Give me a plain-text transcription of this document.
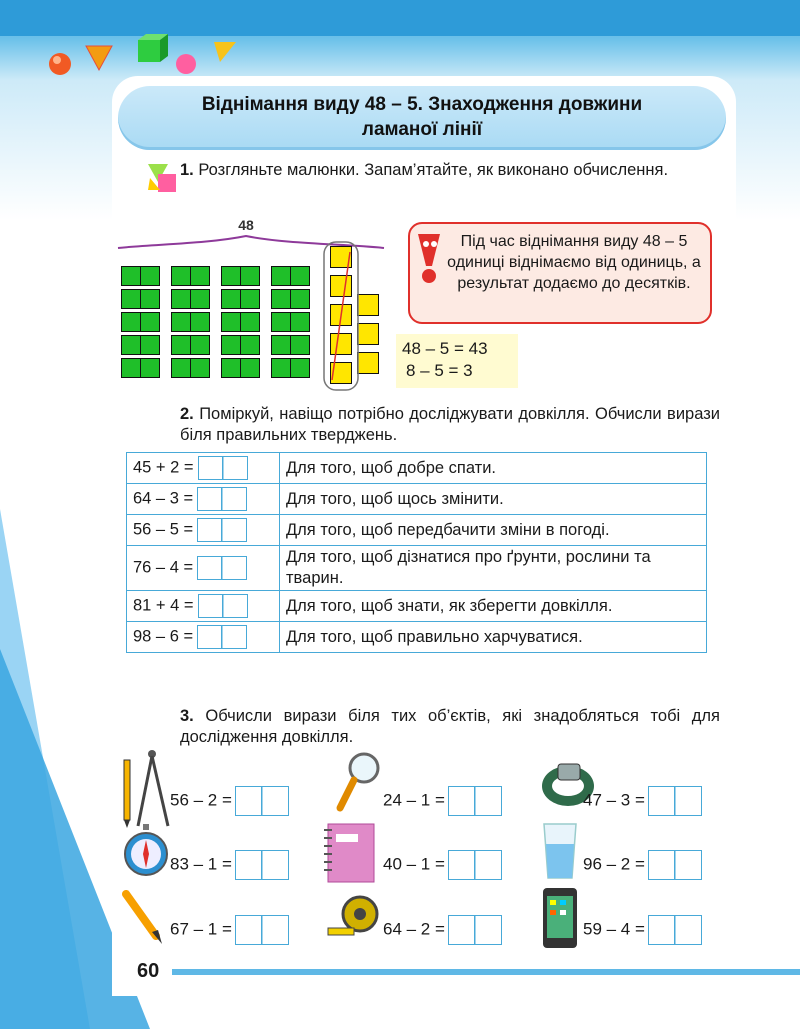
Віднімання виду 48 – 5. Знаходження довжини
ламаної лінії
1. Розгляньте малюнки. Запам’ятайте, як виконано обчислення.
48
Під час віднімання виду 48 – 5 одиниці віднімаємо від одиниць, а результат додаємо до десятків.
48 – 5 = 43
8 – 5 = 3
2. Поміркуй, навіщо потрібно досліджувати довкілля. Обчисли вирази біля правильних тверджень.
45 + 2 =	Для того, щоб добре спати.
64 – 3 =	Для того, щоб щось змінити.
56 – 5 =	Для того, щоб передбачити зміни в погоді.
76 – 4 =	Для того, щоб дізнатися про ґрунти, рослини та тварин.
81 + 4 =	Для того, щоб знати, як зберегти довкілля.
98 – 6 =	Для того, щоб правильно харчуватися.
3. Обчисли вирази біля тих об’єктів, які знадобляться тобі для дослідження довкілля.
56 – 2 =	24 – 1 =	47 – 3 =
83 – 1 =	40 – 1 =	96 – 2 =
67 – 1 =	64 – 2 =	59 – 4 =
60
